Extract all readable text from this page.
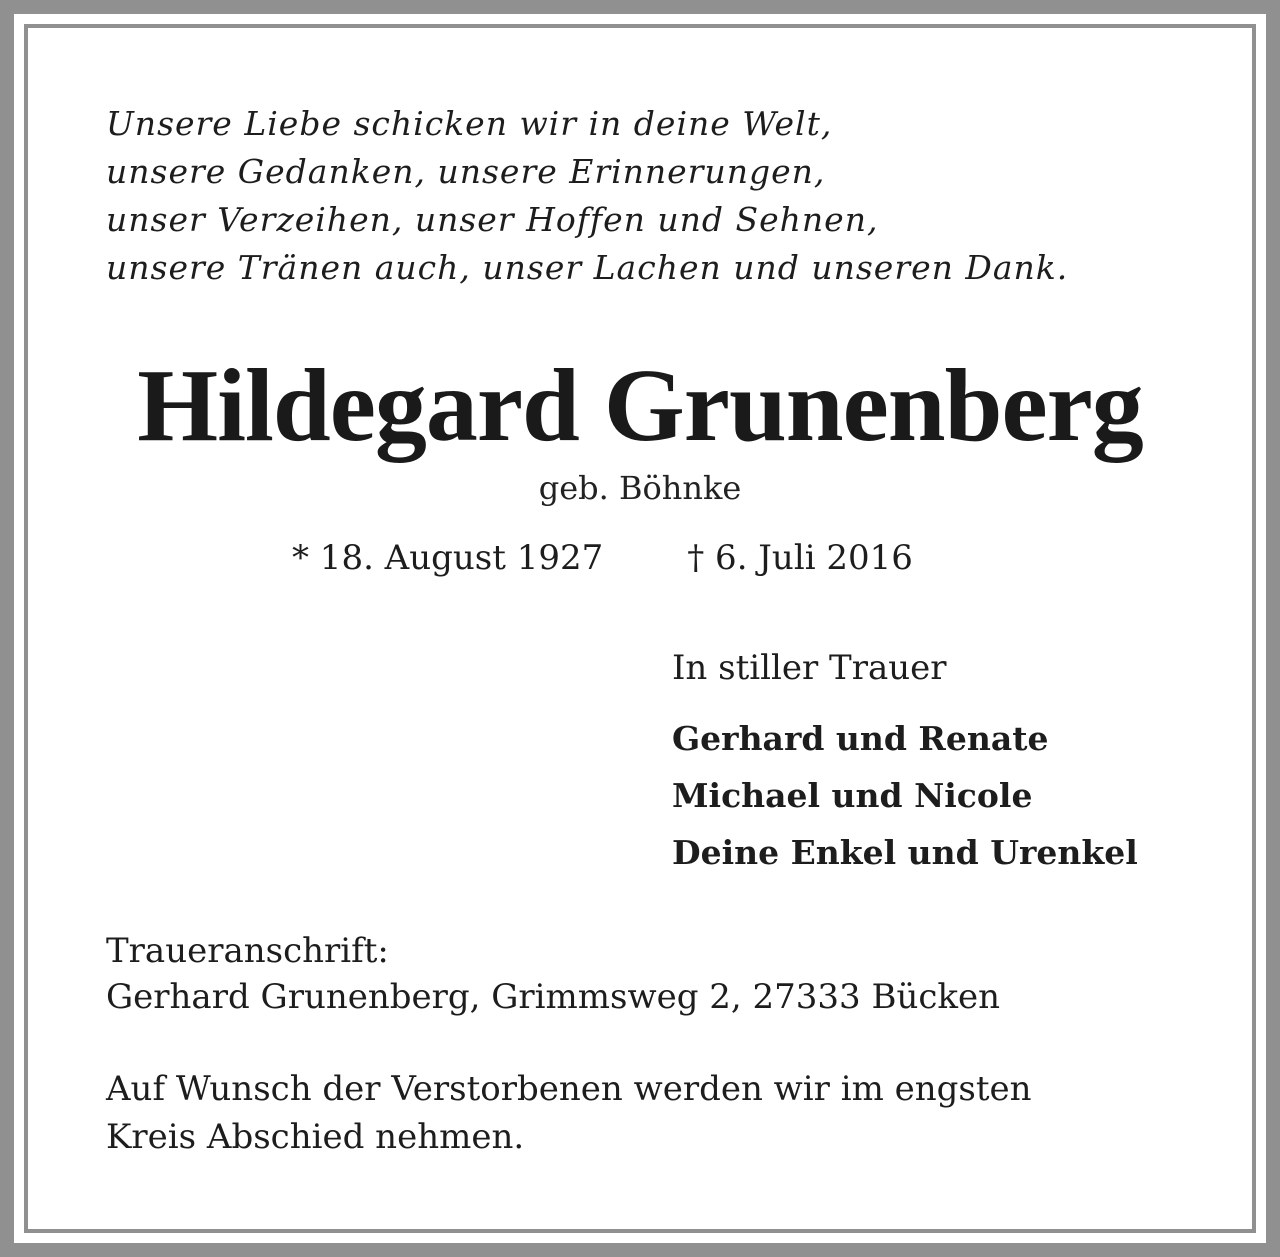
Unsere Liebe schicken wir in deine Welt,
unsere Gedanken, unsere Erinnerungen,
unser Verzeihen, unser Hoffen und Sehnen,
unsere Tränen auch, unser Lachen und unseren Dank.
Hildegard Grunenberg
geb. Böhnke
* 18. August 1927 † 6. Juli 2016
In stiller Trauer
Gerhard und Renate
Michael und Nicole
Deine Enkel und Urenkel
Traueranschrift:
Gerhard Grunenberg, Grimmsweg 2, 27333 Bücken
Auf Wunsch der Verstorbenen werden wir im engsten
Kreis Abschied nehmen.
